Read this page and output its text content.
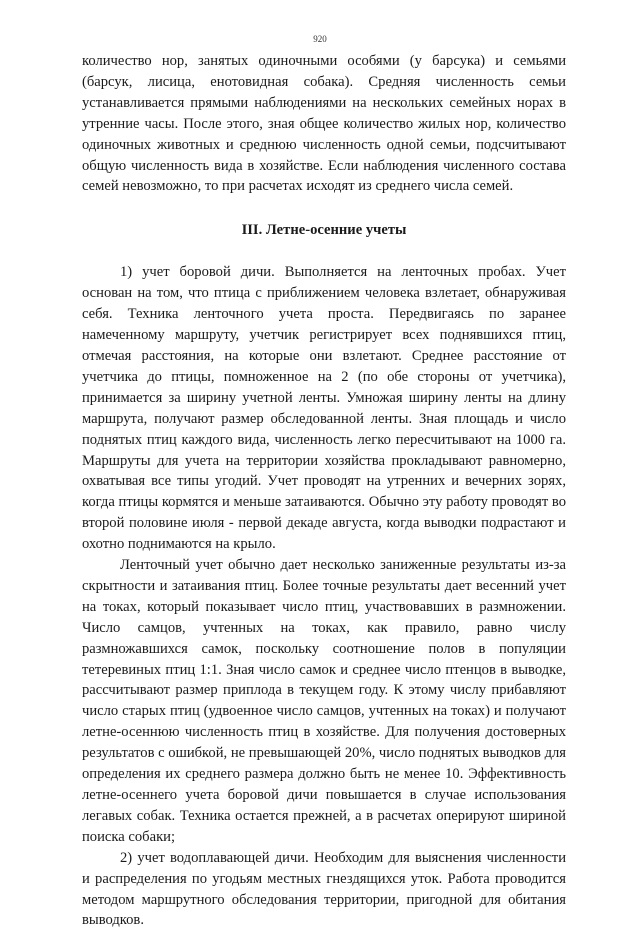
920

количество нор, занятых одиночными особями (у барсука) и семьями (барсук, лисица, енотовидная собака). Средняя численность семьи устанавливается прямыми наблюдениями на нескольких семейных норах в утренние часы. После этого, зная общее количество жилых нор, количество одиночных животных и среднюю численность одной семьи, подсчитывают общую численность вида в хозяйстве. Если наблюдения численного состава семей невозможно, то при расчетах исходят из среднего числа семей.

III. Летне-осенние учеты

1) учет боровой дичи. Выполняется на ленточных пробах. Учет основан на том, что птица с приближением человека взлетает, обнаруживая себя. Техника ленточного учета проста. Передвигаясь по заранее намеченному маршруту, учетчик регистрирует всех поднявшихся птиц, отмечая расстояния, на которые они взлетают. Среднее расстояние от учетчика до птицы, помноженное на 2 (по обе стороны от учетчика), принимается за ширину учетной ленты. Умножая ширину ленты на длину маршрута, получают размер обследованной ленты. Зная площадь и число поднятых птиц каждого вида, численность легко пересчитывают на 1000 га. Маршруты для учета на территории хозяйства прокладывают равномерно, охватывая все типы угодий. Учет проводят на утренних и вечерних зорях, когда птицы кормятся и меньше затаиваются. Обычно эту работу проводят во второй половине июля - первой декаде августа, когда выводки подрастают и охотно поднимаются на крыло.

Ленточный учет обычно дает несколько заниженные результаты из-за скрытности и затаивания птиц. Более точные результаты дает весенний учет на токах, который показывает число птиц, участвовавших в размножении. Число самцов, учтенных на токах, как правило, равно числу размножавшихся самок, поскольку соотношение полов в популяции тетеревиных птиц 1:1. Зная число самок и среднее число птенцов в выводке, рассчитывают размер приплода в текущем году. К этому числу прибавляют число старых птиц (удвоенное число самцов, учтенных на токах) и получают летне-осеннюю численность птиц в хозяйстве. Для получения достоверных результатов с ошибкой, не превышающей 20%, число поднятых выводков для определения их среднего размера должно быть не менее 10. Эффективность летне-осеннего учета боровой дичи повышается в случае использования легавых собак. Техника остается прежней, а в расчетах оперируют шириной поиска собаки;

2) учет водоплавающей дичи. Необходим для выяснения численности и распределения по угодьям местных гнездящихся уток. Работа проводится методом маршрутного обследования территории, пригодной для обитания выводков.
